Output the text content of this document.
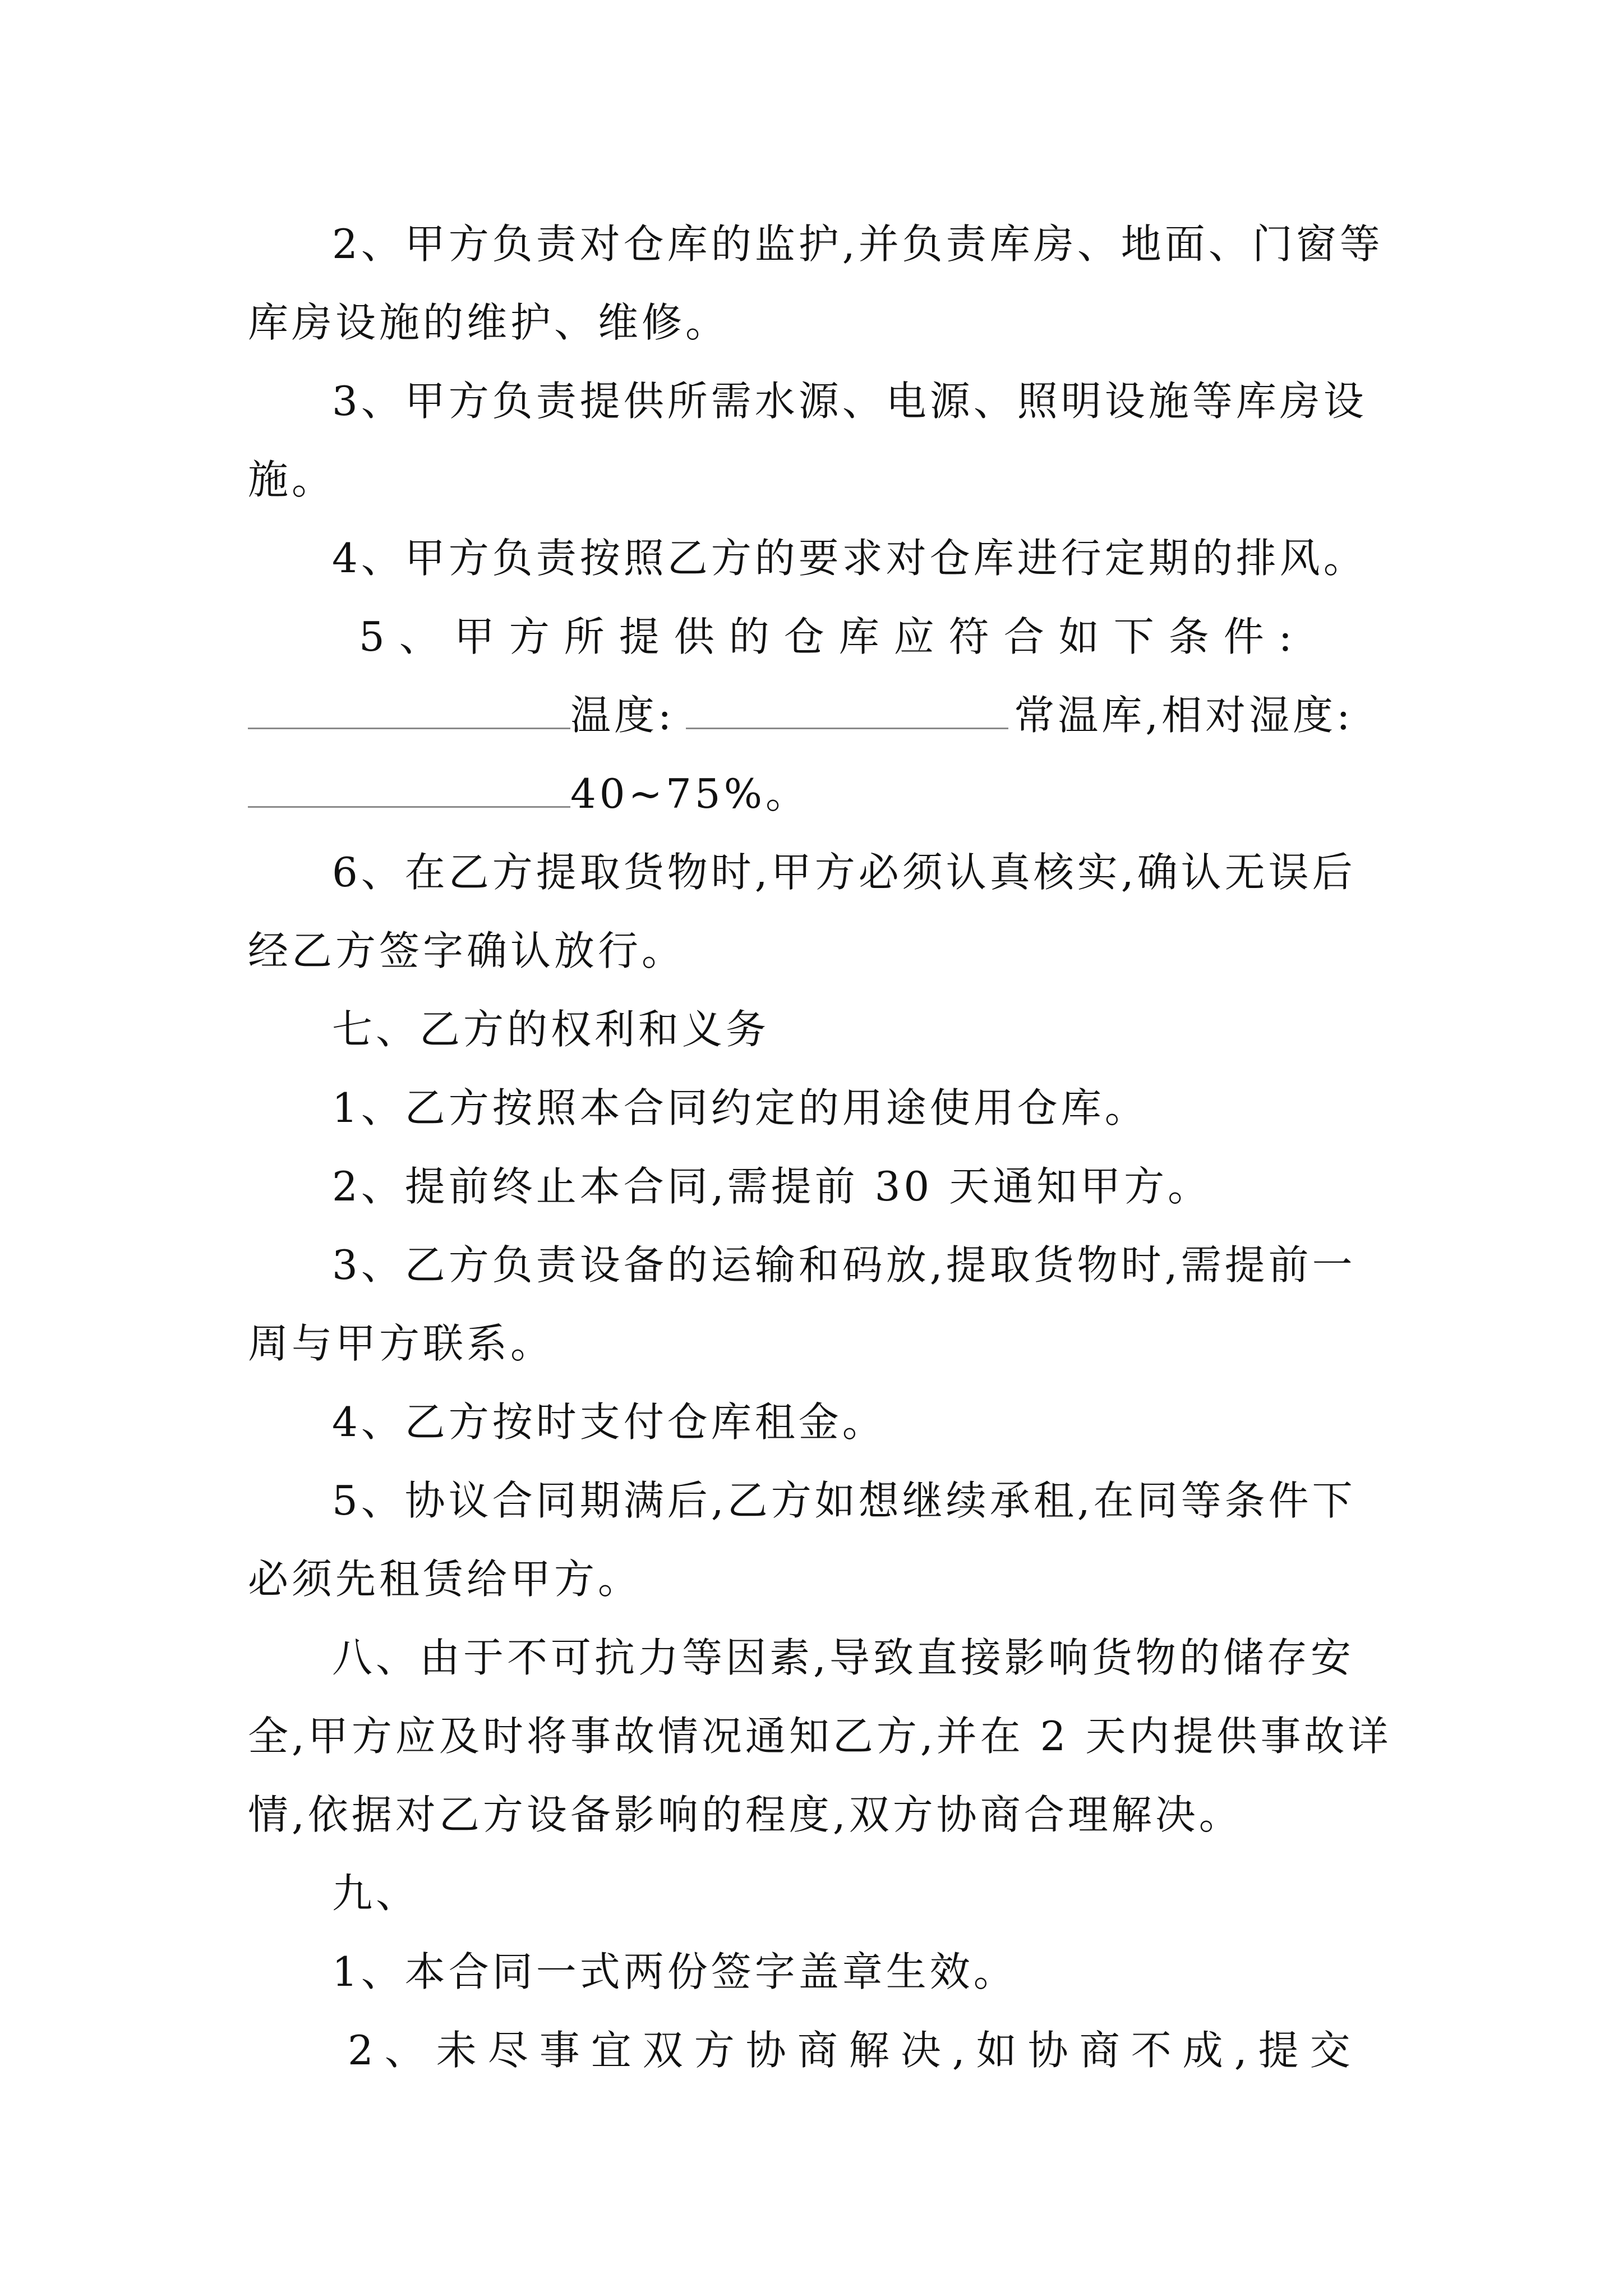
2、甲方负责对仓库的监护,并负责库房、地面、门窗等
库房设施的维护、维修。
3、甲方负责提供所需水源、电源、照明设施等库房设
施。
4、甲方负责按照乙方的要求对仓库进行定期的排风。
5、甲方所提供的仓库应符合如下条件:
温度:	常温库,相对湿度:
40~75%。
6、在乙方提取货物时,甲方必须认真核实,确认无误后
经乙方签字确认放行。
七、乙方的权利和义务
1、乙方按照本合同约定的用途使用仓库。
2、提前终止本合同,需提前 30 天通知甲方。
3、乙方负责设备的运输和码放,提取货物时,需提前一
周与甲方联系。
4、乙方按时支付仓库租金。
5、协议合同期满后,乙方如想继续承租,在同等条件下
必须先租赁给甲方。
八、由于不可抗力等因素,导致直接影响货物的储存安
全,甲方应及时将事故情况通知乙方,并在 2 天内提供事故详
情,依据对乙方设备影响的程度,双方协商合理解决。
九、
1、本合同一式两份签字盖章生效。
2、未尽事宜双方协商解决,如协商不成,提交
